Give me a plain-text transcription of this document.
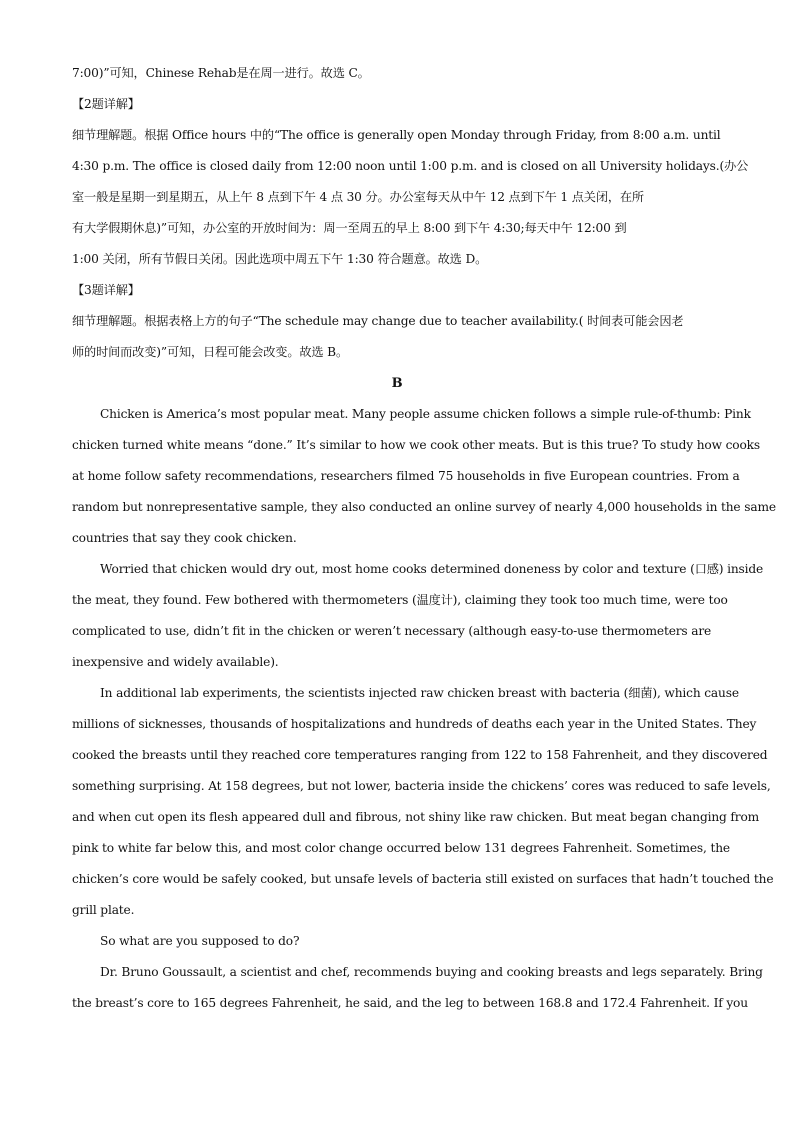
7:00)”可知，Chinese Rehab是在周一进行。故选 C。
【2题详解】
细节理解题。根据 Office hours 中的“The office is generally open Monday through Friday, from 8:00 a.m. until
4:30 p.m. The office is closed daily from 12:00 noon until 1:00 p.m. and is closed on all University holidays.(办公
室一般是星期一到星期五，从上午 8 点到下午 4 点 30 分。办公室每天从中午 12 点到下午 1 点关闭，在所
有大学假期休息)”可知，办公室的开放时间为：周一至周五的早上 8:00 到下午 4:30;每天中午 12:00 到
1:00 关闭，所有节假日关闭。因此选项中周五下午 1:30 符合题意。故选 D。
【3题详解】
细节理解题。根据表格上方的句子“The schedule may change due to teacher availability.( 时间表可能会因老
师的时间而改变)”可知，日程可能会改变。故选 B。
B
Chicken is America’s most popular meat. Many people assume chicken follows a simple rule-of-thumb: Pink
chicken turned white means “done.” It’s similar to how we cook other meats. But is this true? To study how cooks
at home follow safety recommendations, researchers filmed 75 households in five European countries. From a
random but nonrepresentative sample, they also conducted an online survey of nearly 4,000 households in the same
countries that say they cook chicken.
Worried that chicken would dry out, most home cooks determined doneness by color and texture (口感) inside
the meat, they found. Few bothered with thermometers (温度计), claiming they took too much time, were too
complicated to use, didn’t fit in the chicken or weren’t necessary (although easy-to-use thermometers are
inexpensive and widely available).
In additional lab experiments, the scientists injected raw chicken breast with bacteria (细菌), which cause
millions of sicknesses, thousands of hospitalizations and hundreds of deaths each year in the United States. They
cooked the breasts until they reached core temperatures ranging from 122 to 158 Fahrenheit, and they discovered
something surprising. At 158 degrees, but not lower, bacteria inside the chickens’ cores was reduced to safe levels,
and when cut open its flesh appeared dull and fibrous, not shiny like raw chicken. But meat began changing from
pink to white far below this, and most color change occurred below 131 degrees Fahrenheit. Sometimes, the
chicken’s core would be safely cooked, but unsafe levels of bacteria still existed on surfaces that hadn’t touched the
grill plate.
So what are you supposed to do?
Dr. Bruno Goussault, a scientist and chef, recommends buying and cooking breasts and legs separately. Bring
the breast’s core to 165 degrees Fahrenheit, he said, and the leg to between 168.8 and 172.4 Fahrenheit. If you
